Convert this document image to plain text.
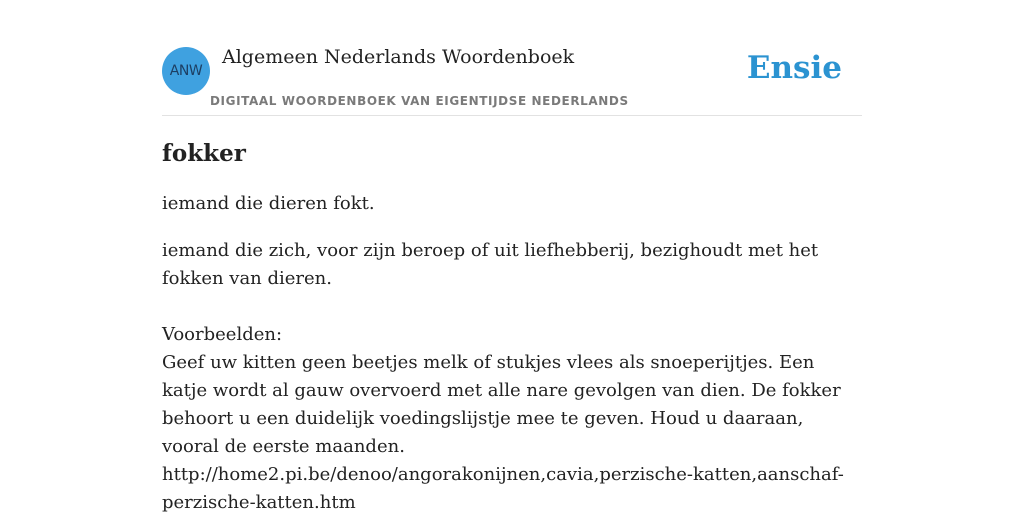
ANW
Algemeen Nederlands Woordenboek
DIGITAAL WOORDENBOEK VAN EIGENTIJDSE NEDERLANDS
Ensie
fokker

iemand die dieren fokt.

iemand die zich, voor zijn beroep of uit liefhebberij, bezighoudt met het fokken van dieren.

Voorbeelden:
Geef uw kitten geen beetjes melk of stukjes vlees als snoeperijtjes. Een katje wordt al gauw overvoerd met alle nare gevolgen van dien. De fokker behoort u een duidelijk voedingslijstje mee te geven. Houd u daaraan, vooral de eerste maanden.
http://home2.pi.be/denoo/angorakonijnen,cavia,perzische-katten,aanschaf-perzische-katten.htm
